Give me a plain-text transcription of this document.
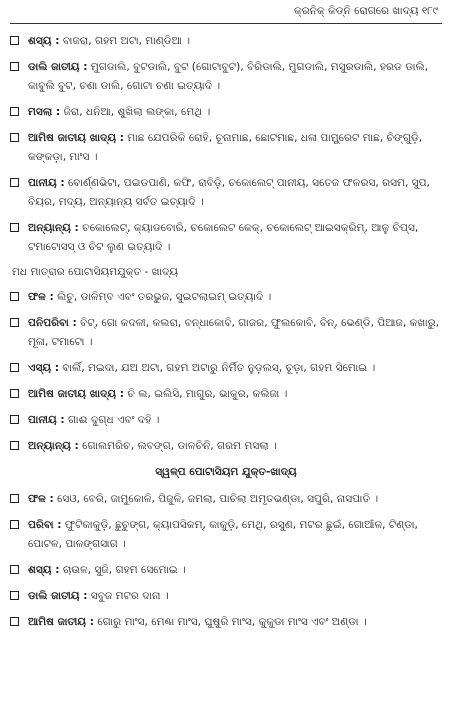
କ୍ରନିକ୍ କିଡ୍ନି ରୋଗରେ ଖାଦ୍ୟ ୧୮୯
ଶସ୍ୟ : ବାଜରା, ଗହମ ଅଟା, ମାଣ୍ଡିଆ ।
ଡାଲି ଜାତୀୟ : ମୁଗଡାଲି, ବୁଟଡାଲି, ବୁଟ (ଗୋଟାବୁଟ), ବିରିଡାଲି, ମୁଗଡାଲି, ମସୁରଡାଲି, ହରଡ ଡାଲି, କାବୁଲି ବୁଟ, ଚଣା ଡାଲି, ଗୋଟା ଚଣା ଇତ୍ୟାଦି ।
ମସଲା : ଜିରା, ଧନିଆ, ଶୁଖିଲା ଲଙ୍କା, ମେଥି ।
ଆମିଷ ଜାତୀୟ ଖାଦ୍ୟ : ମାଛ ଯେପରିକି ରୋହି, ଚୂନାମାଛ, ଛୋଟମାଛ, ଧଳା ପାମ୍ଫ୍ରେଟ ମାଛ, ଚିଙ୍ଗୁଡ଼ି, କଙ୍କଡ଼ା, ମାଂସ ।
ପାନୀୟ : ବୋର୍ଣ୍ଣଭିଟା, ପଇଡପାଣି, କଫି, ରାବିଡ଼ି, ଚକୋଲେଟ୍ ପାନୀୟ, ସତେଜ ଫଳରସ, ରସମ, ସୁପ, ବିୟର, ମଦ୍ୟ, ଅନ୍ୟାନ୍ୟ ସର୍ବତ ଇତ୍ୟାଦି ।
ଅନ୍ୟାନ୍ୟ : ଚକୋଲେଟ୍, କ୍ୟାଡବୋରି, ଚକୋଲେଟ କେକ୍, ଚକୋଲେଟ୍ ଆଇସକ୍ରିମ୍, ଆଳୁ ଚିପ୍ସ, ଟମାଟୋସସ୍ ଓ ଚିଟ ଲୁଣ ଇତ୍ୟାଦି ।
ମଧ ମାତ୍ରାର ପୋଟାସିୟମଯୁକ୍ତ - ଖାଦ୍ୟ
ଫଳ : ଲିଚୁ, ଡାଳିମ୍ବ ଏବଂ ତରଭୁଜ, ସୁଇଟଲାଇମ୍ ଇତ୍ୟାଦି ।
ପନିପରିବା : ବିଟ୍, ଗୋ କଦଳୀ, କଲରା, ବନ୍ଧାକୋବି, ଗାଜର, ଫୁଲକୋବି, ବିନ୍, ଭେଣ୍ଡି, ପିଆଜ, କଖାରୁ, ମୂଳା, ଟମାଟୋ ।
ଏସ୍ୟ : ବାର୍ଲି, ମଇଦା, ଯଅ ଅଟା, ଗହମ ଅଟାରୁ ନିର୍ମିତ ନୁଡ଼ଲସ୍, ଚୂଡ଼ା, ଗହମ ସିମୋଇ ।
ଆମିଷ ଜାତୀୟ ଖାଦ୍ୟ : ଚି ଲ, ଇଲିସି, ମାଗୁର, ଭାକୁର, କଲିଜା ।
ପାନୀୟ : ଗାଈ ଦୁଗ୍ଧ ଏବଂ ଦହି ।
ଅନ୍ୟାନ୍ୟ : ଗୋଲମରିଚ, ଲବଙ୍ଗ, ଡାଳଚିନି, ଗରମ ମସଲା ।
ସ୍ୱଳ୍ପ ପୋଟାସିୟମ ଯୁକ୍ତ-ଖାଦ୍ୟ
ଫଳ : ସେଓ, ବେରି, ଜାମୁକୋଳି, ପିଜୁଳି, ଜମଲା, ପାଚିଲା ଅମୃତଭଣ୍ଡା, ସପୁରି, ନାସପାତି ।
ପରିବା : ଫୁଟିକାକୁଡ଼ି, ଛୁଚୁଙ୍ଗ, କ୍ୟାପସିକମ୍, କାକୁଡ଼ି, ମେଥି, ରସୁଣ, ମଟର ଛୁଇଁ, ଗୋଆଁଳ, ଟିଣ୍ଡା, ପୋଟଳ, ପାଳଙ୍ଗସାଗ ।
ଶସ୍ୟ : ଚାଉଳ, ସୁଜି, ଗହମ ସେମୋଇ ।
ଡାଲି ଜାତୀୟ : ସବୁଜ ମଟର ଦାନା ।
ଆମିଷ ଜାତୀୟ : ଗୋରୁ ମାଂସ, ମେଣ୍ଢା ମାଂସ, ଘୁଷୁରି ମାଂସ, କୁକୁଡା ମାଂସ ଏବଂ ଅଣ୍ଡା ।
